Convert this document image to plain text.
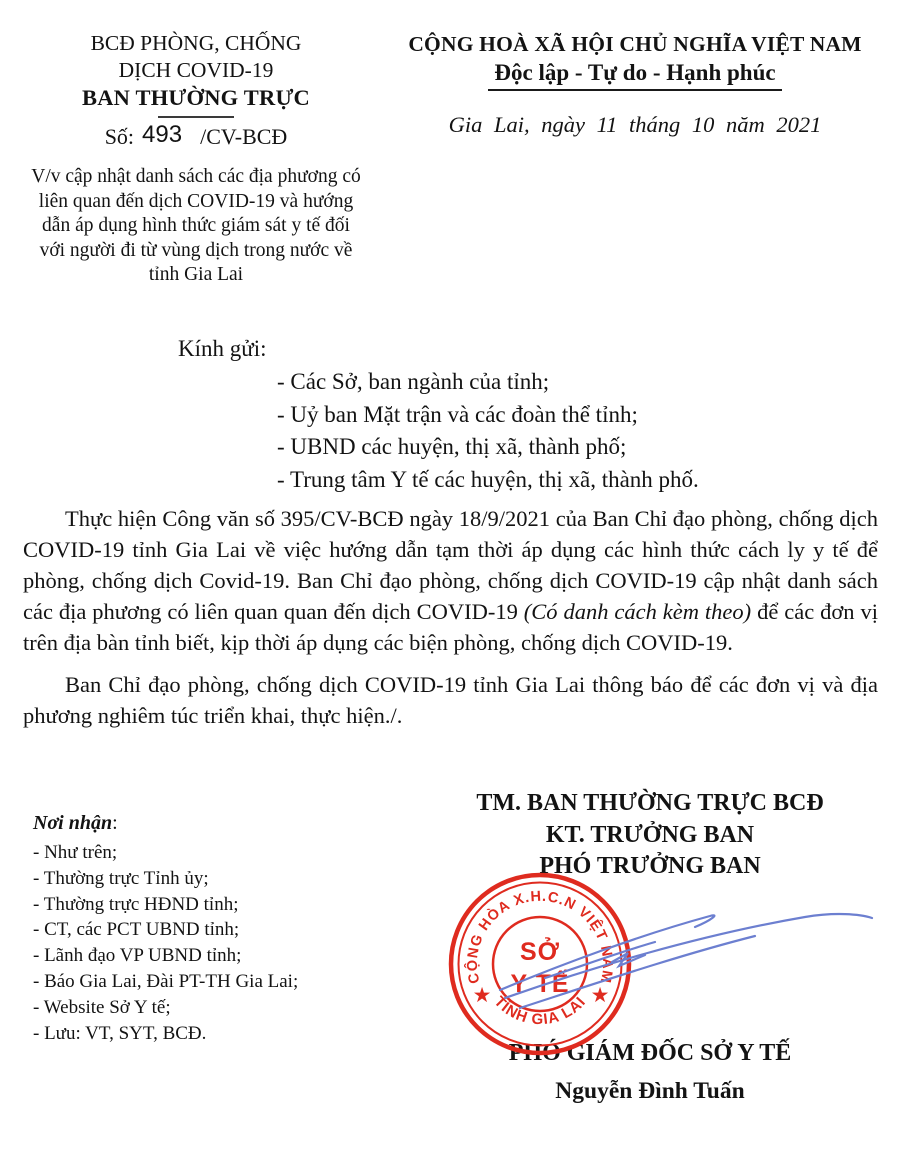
BCĐ PHÒNG, CHỐNG
DỊCH COVID-19
BAN THƯỜNG TRỰC
Số: 493 /CV-BCĐ
V/v cập nhật danh sách các địa phương có liên quan đến dịch COVID-19 và hướng dẫn áp dụng hình thức giám sát y tế đối với người đi từ vùng dịch trong nước về tỉnh Gia Lai
CỘNG HOÀ XÃ HỘI CHỦ NGHĨA VIỆT NAM
Độc lập - Tự do - Hạnh phúc
Gia Lai, ngày 11 tháng 10 năm 2021
Kính gửi:
- Các Sở, ban ngành của tỉnh;
- Uỷ ban Mặt trận và các đoàn thể tỉnh;
- UBND các huyện, thị xã, thành phố;
- Trung tâm Y tế các huyện, thị xã, thành phố.

Thực hiện Công văn số 395/CV-BCĐ ngày 18/9/2021 của Ban Chỉ đạo phòng, chống dịch COVID-19 tỉnh Gia Lai về việc hướng dẫn tạm thời áp dụng các hình thức cách ly y tế để phòng, chống dịch Covid-19. Ban Chỉ đạo phòng, chống dịch COVID-19 cập nhật danh sách các địa phương có liên quan quan đến dịch COVID-19 (Có danh cách kèm theo) để các đơn vị trên địa bàn tỉnh biết, kịp thời áp dụng các biện phòng, chống dịch COVID-19.

Ban Chỉ đạo phòng, chống dịch COVID-19 tỉnh Gia Lai thông báo để các đơn vị và địa phương nghiêm túc triển khai, thực hiện./.

Nơi nhận:
- Như trên;
- Thường trực Tỉnh ủy;
- Thường trực HĐND tỉnh;
- CT, các PCT UBND tỉnh;
- Lãnh đạo VP UBND tỉnh;
- Báo Gia Lai, Đài PT-TH Gia Lai;
- Website Sở Y tế;
- Lưu: VT, SYT, BCĐ.
TM. BAN THƯỜNG TRỰC BCĐ
KT. TRƯỞNG BAN
PHÓ TRƯỞNG BAN
PHÓ GIÁM ĐỐC SỞ Y TẾ
Nguyễn Đình Tuấn
CỘNG HÒA X.H.C.N VIỆT NAM
TỈNH GIA LAI
★	★
SỞ
Y TẾ
